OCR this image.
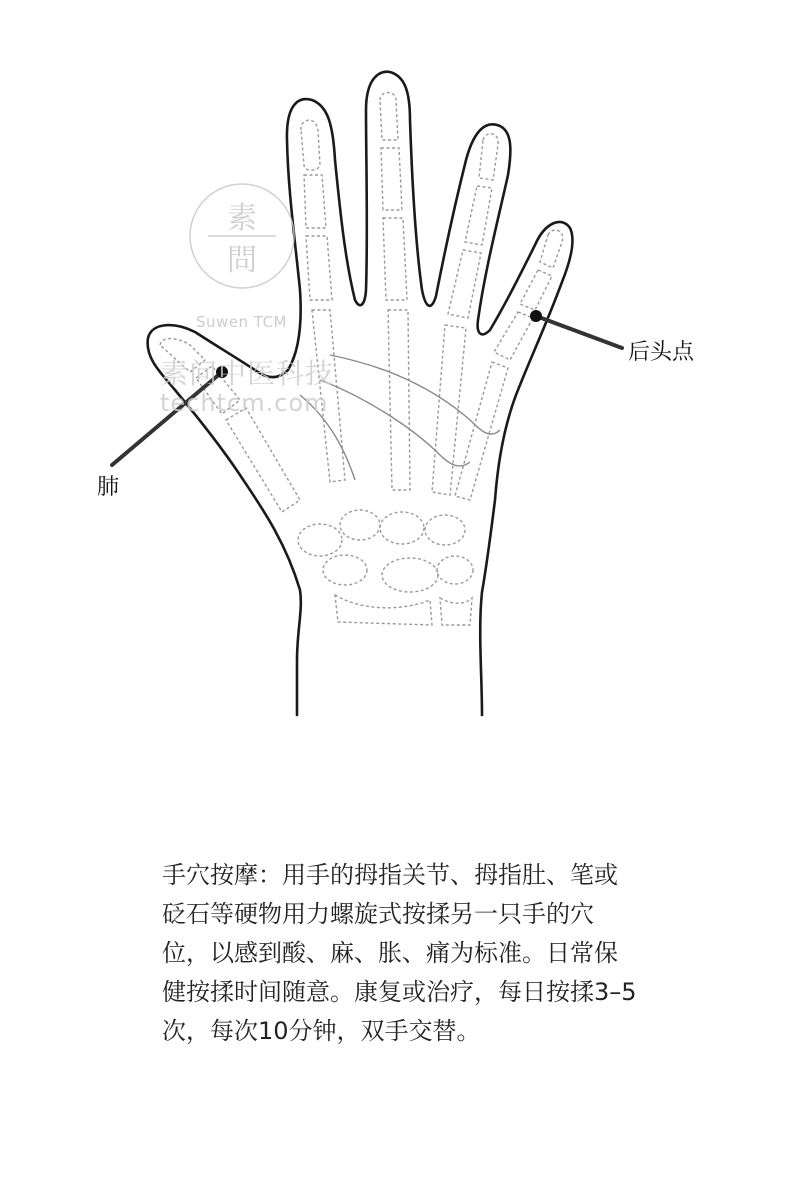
素
問
Suwen TCM
素问中医科技
techtcm.com
后头点
肺

手穴按摩：用手的拇指关节、拇指肚、笔或砭石等硬物用力螺旋式按揉另一只手的穴位，以感到酸、麻、胀、痛为标准。日常保健按揉时间随意。康复或治疗，每日按揉3–5次，每次10分钟，双手交替。
